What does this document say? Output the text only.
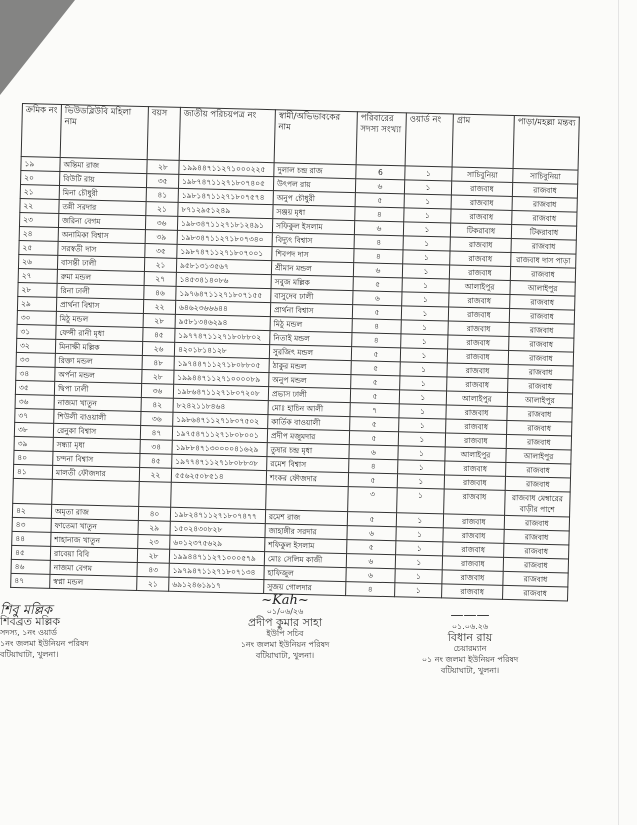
ক্রমিক নং	ভিউডব্লিউবি মহিলা নাম	বয়স	জাতীয় পরিচয়পত্র নং	স্বামী/অভিভাবকের নাম	পরিবারের সদস্য সংখ্যা	ওয়ার্ড নং	গ্রাম	পাড়া/মহল্লা মন্তব্য
১৯	অন্তিমা রাজ	২৮	১৯৯৪৪৭১১২৭১০০০২২৫	দুলাল চন্দ্র রাজ	6	১	সাচিবুনিয়া	সাচিবুনিয়া
২০	বিউটি রায়	৩৫	১৯৮৭৪৭১১২৭১৮০৭৪০৫	উৎপল রায়	৬	১	রাজবাধ	রাজবাধ
২১	মিনা চৌধুরী	৪১	১৯৮১৪৭১১২৭১৮০৭৫৭৪	অনুপ চৌধুরী	৫	১	রাজবাধ	রাজবাধ
২২	তন্নী সরদার	২১	৮৭১২৯৫১২৪৯	সঞ্জয় মৃধা	৪	১	রাজবাধ	রাজবাধ
২৩	জরিনা বেগম	৩৬	১৯৮৩৪৭১১২৭১৮১২৪৯১	সফিকুল ইসলাম	৬	১	টিকরাবাধ	টিকরাবাধ
২৪	অনামিকা বিশ্বাস	৩৯	১৯৮৩৪৭১১২৭১৮০৭৩৪০	বিদ্যুৎ বিশ্বাস	৪	১	রাজবাধ	রাজবাধ
২৫	সরস্বতী দাস	৩৫	১৯৮৭৪৭১১২৭১৮০৭০০১	শিবপদ দাস	৪	১	রাজবাধ	রাজবাধ দাস পাড়া
২৬	বাসন্তী ঢালী	২১	৯৫৮১৩১৩৫৬৭	শ্রীমান মন্ডল	৬	১	রাজবাধ	রাজবাধ
২৭	রুমা মন্ডল	২৭	১৪৫৩৪১৪০৮৬	সবুজ মল্লিক	৫	১	আলাইপুর	আলাইপুর
২৮	রিনা ঢালী	৪৬	১৯৭৬৪৭১১২৭১৮০৭১৫৫	বাসুদেব ঢালী	৬	১	রাজবাধ	রাজবাধ
২৯	প্রার্থনা বিশ্বাস	২২	৬৪৬২৩৬৬৬৪৪	প্রার্থনা বিশ্বাস	৫	১	রাজবাধ	রাজবাধ
৩০	মিঠু মন্ডল	২৮	৯৫৮১৩৪৬২৯৪	মিঠু মন্ডল	৪	১	রাজবাধ	রাজবাধ
৩১	ফেন্সী রানী মৃধা	৪৫	১৯৭৭৪৭১১২৭১৮০৮৮০২	নিতাই মন্ডল	৪	১	রাজবাধ	রাজবাধ
৩২	মিনাক্ষী মল্লিক	২৬	৪২০১৮১৪১২৮	সুরজিৎ মন্ডল	৫	১	রাজবাধ	রাজবাধ
৩৩	রিক্তা মন্ডল	৪৮	১৯৭৪৪৭১১২৭১৮০৮৮০৫	ঠাকুর মন্ডল	৫	১	রাজবাধ	রাজবাধ
৩৪	অর্পনা মন্ডল	২৮	১৯৯৪৪৭১১২৭১০০০০৮৯	অনুপ মন্ডল	৫	১	রাজবাধ	রাজবাধ
৩৫	দ্বিপা ঢালী	৩৬	১৯৮৬৪৭১১২৭১৮০৭২০৮	প্রভাস ঢালী	৫	১	আলাইপুর	আলাইপুর
৩৬	নাজমা খাতুন	৪২	৮২৪২১১৮৪৬৪	মোঃ হাচিন আলী	৭	১	রাজবাধ	রাজবাধ
৩৭	শিউলী বাওয়ালী	৩৬	১৯৮৬৪৭১১২৭১৮০৭৫০২	কার্তিক বাওয়ালী	৫	১	রাজবাধ	রাজবাধ
৩৮	রেনুকা বিশ্বাস	৪৭	১৯৭৫৪৭১১২৭১৮০৮০০১	প্রদীপ মজুমদার	৫	১	রাজবাধ	রাজবাধ
৩৯	সন্ধ্যা মৃধা	৩৪	১৯৮৮৪৭১৩০০০০৪১৬২৯	তুষার চন্দ্র মৃধা	৬	১	আলাইপুর	আলাইপুর
৪০	চন্দনা বিশ্বাস	৪৫	১৯৭৭৪৭১১২৭১৮০৮৮৩৮	রমেশ বিশ্বাস	৪	১	রাজবাধ	রাজবাধ
৪১	মালতী ফৌজদার	২২	৫৫৬২৫০৮৫১৪	শংকর ফৌজদার	৫	১	রাজবাধ	রাজবাধ
					৩	১	রাজবাধ	রাজবাধ মেম্বারের বাড়ীর পাশে
৪২	অমৃতা রাজ	৪০	১৯৮২৪৭১১২৭১৮০৭৪৭৭	রমেশ রাজ	৫	১	রাজবাধ	রাজবাধ
৪৩	ফাতেমা খাতুন	২৯	১৫০২৪৩০৮২৮	জাহাঙ্গীর সরদার	৬	১	রাজবাধ	রাজবাধ
৪৪	শাহানাজ খাতুন	২৩	৬০১২৩৭৫৬২৯	শফিকুল ইসলাম	৫	১	রাজবাধ	রাজবাধ
৪৫	রাবেয়া বিবি	২৮	১৯৯৪৪৭১১২৭১০০০৫৭৯	মোঃ সেলিম কাজী	৬	১	রাজবাধ	রাজবাধ
৪৬	নাজমা বেগম	৪৩	১৯৭৯৪৭১১২৭১৮০৭১৩৪	হাফিজুল	৬	১	রাজবাধ	রাজবাধ
৪৭	স্বপ্না মন্ডল	২১	৬৯১২৪৬১৯১৭	সুজয় গোলদার	৪	১	রাজবাধ	রাজবাধ
শিবু মল্লিক
শিবব্রত মল্লিক
সদস্য, ১নং ওয়ার্ড
১নং জলমা ইউনিয়ন পরিষদ
বটিয়াঘাটা, খুলনা।
~Kah~
০১/০৬/২৬
প্রদীপ কুমার সাহা
ইউপি সচিব
১নং জলমা ইউনিয়ন পরিষদ
বটিয়াঘাটা, খুলনা।
———
০১.০৬.২৬
বিধান রায়
চেয়ারম্যান
০১ নং জলমা ইউনিয়ন পরিষদ
বটিয়াঘাটা, খুলনা।
